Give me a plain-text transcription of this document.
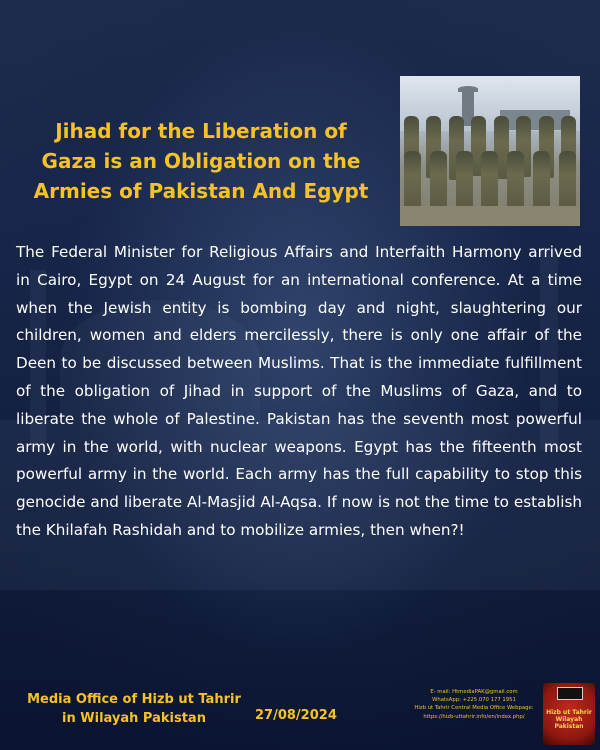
Jihad for the Liberation of
Gaza is an Obligation on the
Armies of Pakistan And Egypt

The Federal Minister for Religious Affairs and Interfaith Harmony arrived in Cairo, Egypt on 24 August for an international conference. At a time when the Jewish entity is bombing day and night, slaughtering our children, women and elders mercilessly, there is only one affair of the Deen to be discussed between Muslims. That is the immediate fulfillment of the obligation of Jihad in support of the Muslims of Gaza, and to liberate the whole of Palestine. Pakistan has the seventh most powerful army in the world, with nuclear weapons. Egypt has the fifteenth most powerful army in the world. Each army has the full capability to stop this genocide and liberate Al-Masjid Al-Aqsa. If now is not the time to establish the Khilafah Rashidah and to mobilize armies, then when?!

Media Office of Hizb ut Tahrir
in Wilayah Pakistan	27/08/2024
E- mail: HtmediaPAK@gmail.com
WhatsApp: +225 070 177 1951
Hizb ut Tahrir Central Media Office Webpage:
https://hizb-uttahrir.info/en/index.php/
Hizb ut Tahrir
Wilayah
Pakistan
